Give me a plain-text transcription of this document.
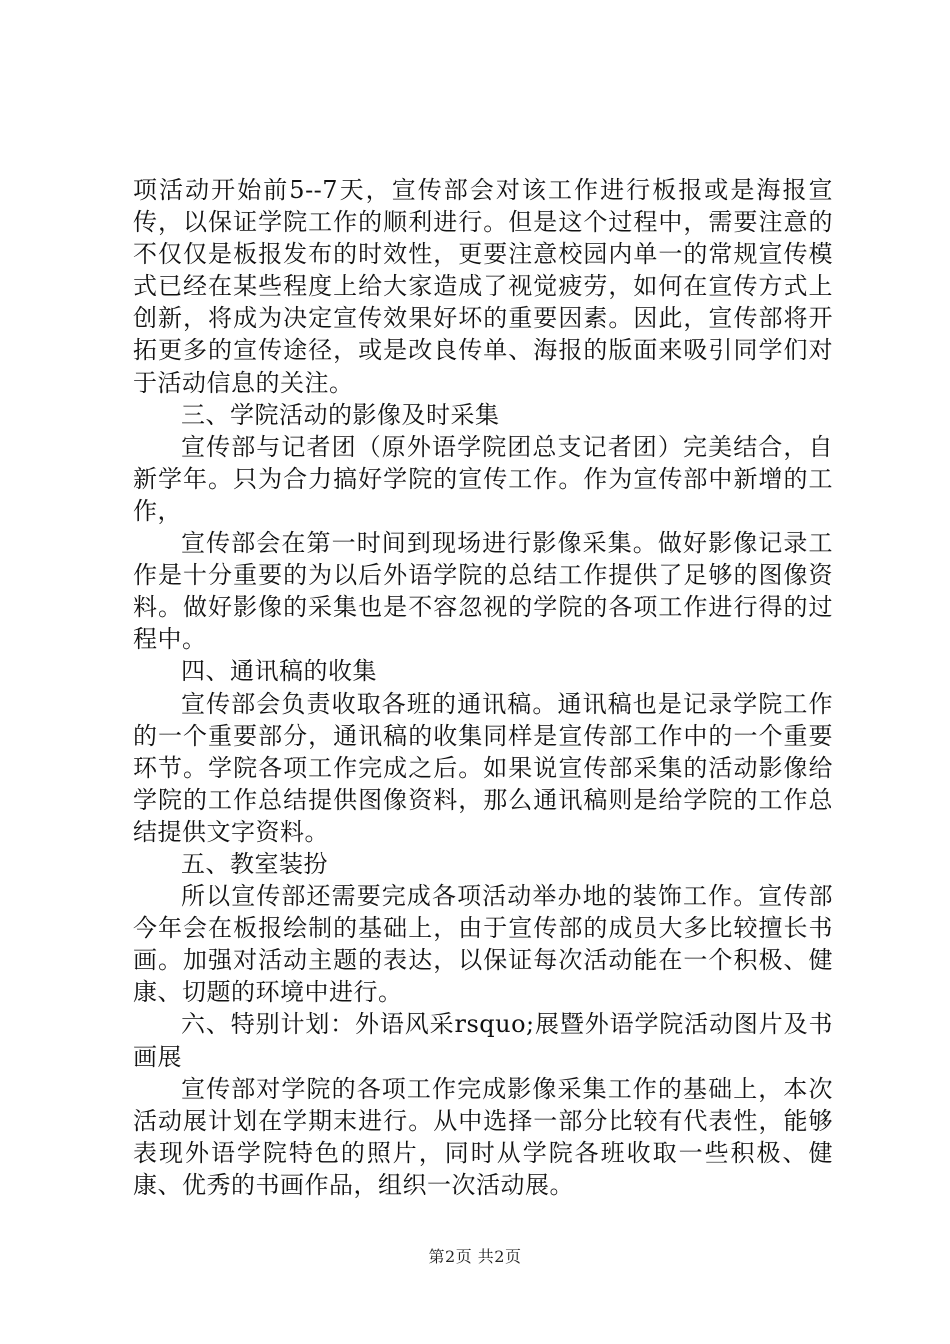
项活动开始前5--7天，宣传部会对该工作进行板报或是海报宣传，以保证学院工作的顺利进行。但是这个过程中，需要注意的不仅仅是板报发布的时效性，更要注意校园内单一的常规宣传模式已经在某些程度上给大家造成了视觉疲劳，如何在宣传方式上创新，将成为决定宣传效果好坏的重要因素。因此，宣传部将开拓更多的宣传途径，或是改良传单、海报的版面来吸引同学们对于活动信息的关注。

三、学院活动的影像及时采集

宣传部与记者团（原外语学院团总支记者团）完美结合，自新学年。只为合力搞好学院的宣传工作。作为宣传部中新增的工作，

宣传部会在第一时间到现场进行影像采集。做好影像记录工作是十分重要的为以后外语学院的总结工作提供了足够的图像资料。做好影像的采集也是不容忽视的学院的各项工作进行得的过程中。

四、通讯稿的收集

宣传部会负责收取各班的通讯稿。通讯稿也是记录学院工作的一个重要部分，通讯稿的收集同样是宣传部工作中的一个重要环节。学院各项工作完成之后。如果说宣传部采集的活动影像给学院的工作总结提供图像资料，那么通讯稿则是给学院的工作总结提供文字资料。

五、教室装扮

所以宣传部还需要完成各项活动举办地的装饰工作。宣传部今年会在板报绘制的基础上，由于宣传部的成员大多比较擅长书画。加强对活动主题的表达，以保证每次活动能在一个积极、健康、切题的环境中进行。

六、特别计划：外语风采rsquo;展暨外语学院活动图片及书画展

宣传部对学院的各项工作完成影像采集工作的基础上，本次活动展计划在学期末进行。从中选择一部分比较有代表性，能够表现外语学院特色的照片，同时从学院各班收取一些积极、健康、优秀的书画作品，组织一次活动展。

第2页 共2页
